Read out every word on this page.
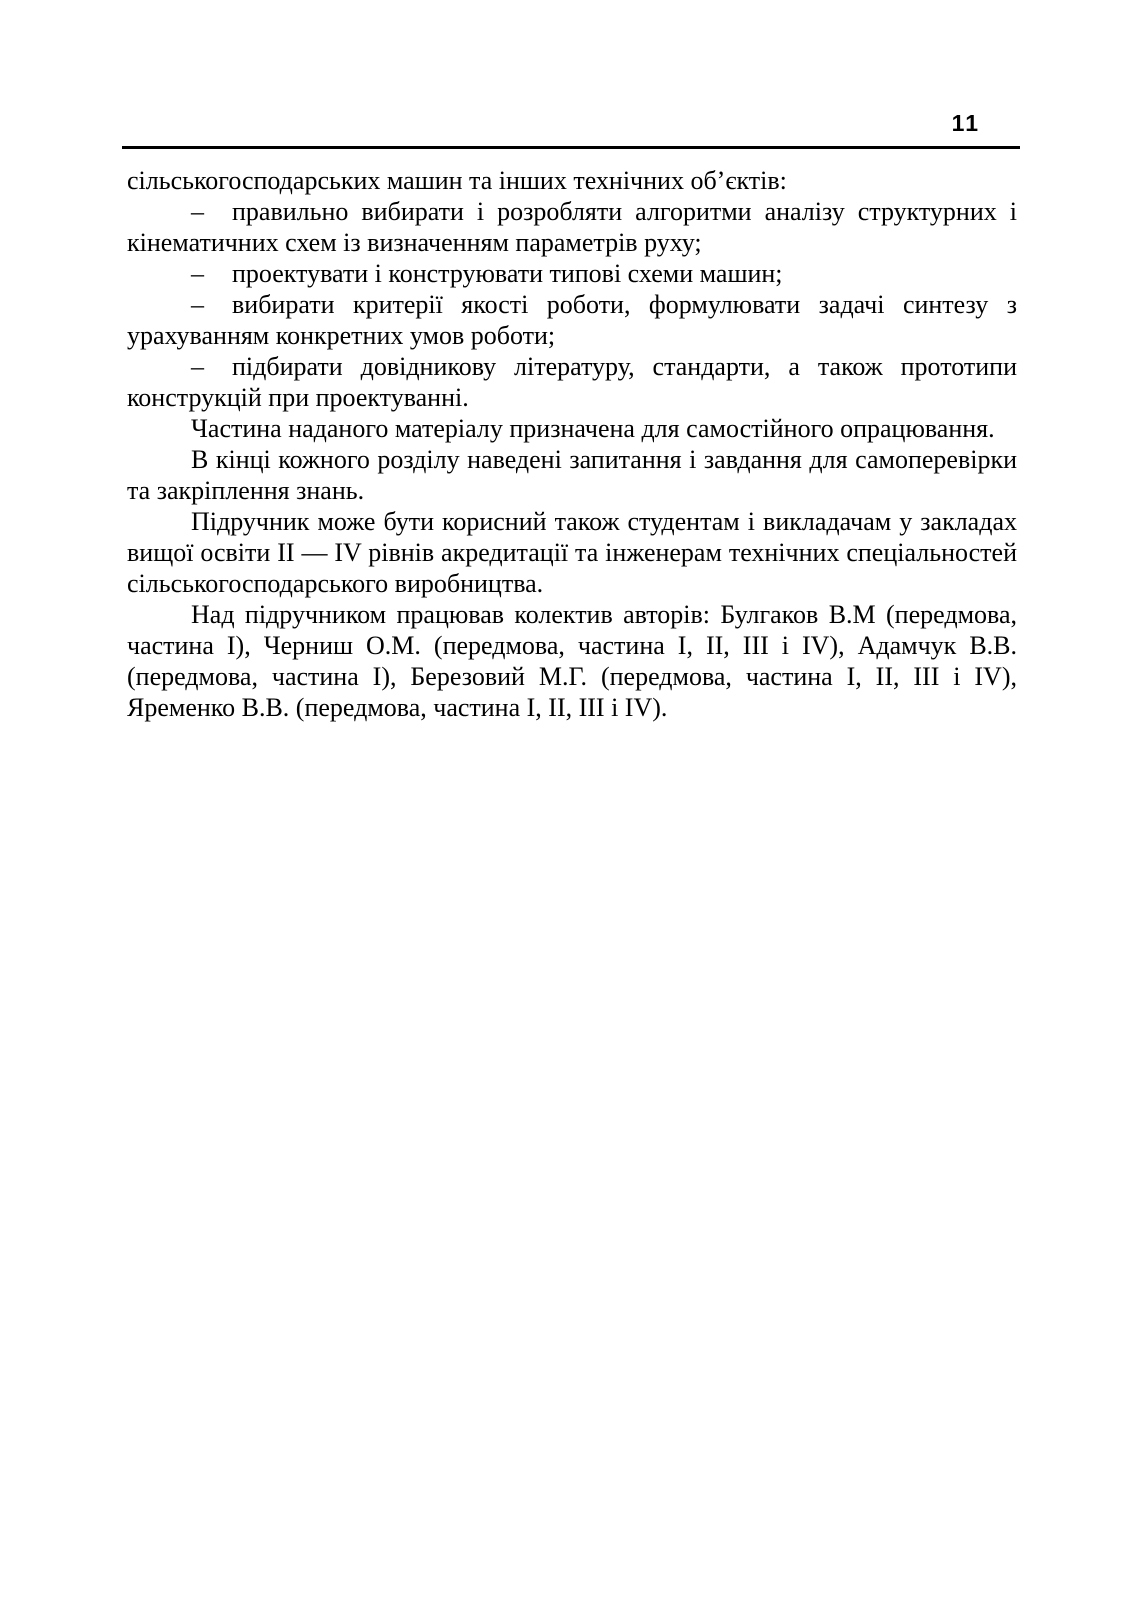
11

сільськогосподарських машин та інших технічних об’єктів:

– правильно вибирати і розробляти алгоритми аналізу структурних і кінематичних схем із визначенням параметрів руху;

– проектувати і конструювати типові схеми машин;

– вибирати критерії якості роботи, формулювати задачі синтезу з урахуванням конкретних умов роботи;

– підбирати довідникову літературу, стандарти, а також прототипи конструкцій при проектуванні.

Частина наданого матеріалу призначена для самостійного опрацювання.

В кінці кожного розділу наведені запитання і завдання для самоперевірки та закріплення знань.

Підручник може бути корисний також студентам і викладачам у закладах вищої освіти II — IV рівнів акредитації та інженерам технічних спеціальностей сільськогосподарського виробництва.

Над підручником працював колектив авторів: Булгаков В.М (передмова, частина I), Черниш О.М. (передмова, частина I, II, III і IV), Адамчук В.В. (передмова, частина I), Березовий М.Г. (передмова, частина I, II, III і IV), Яременко В.В. (передмова, частина I, II, III і IV).
